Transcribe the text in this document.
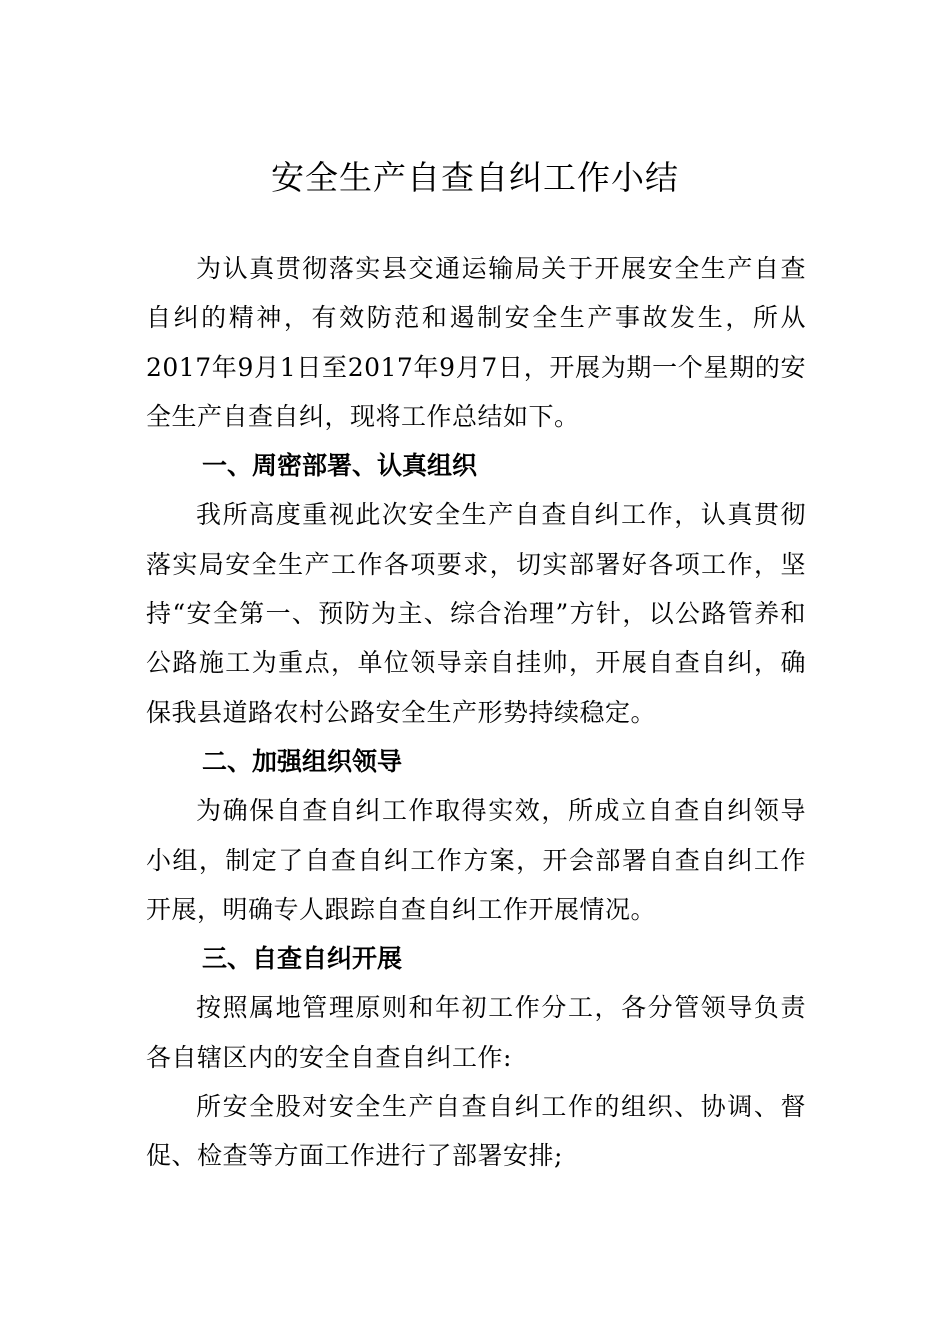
安全生产自查自纠工作小结

为认真贯彻落实县交通运输局关于开展安全生产自查自纠的精神，有效防范和遏制安全生产事故发生，所从2017年9月1日至2017年9月7日，开展为期一个星期的安全生产自查自纠，现将工作总结如下。

一、周密部署、认真组织

我所高度重视此次安全生产自查自纠工作，认真贯彻落实局安全生产工作各项要求，切实部署好各项工作，坚持“安全第一、预防为主、综合治理”方针，以公路管养和公路施工为重点，单位领导亲自挂帅，开展自查自纠，确保我县道路农村公路安全生产形势持续稳定。

二、加强组织领导

为确保自查自纠工作取得实效，所成立自查自纠领导小组，制定了自查自纠工作方案，开会部署自查自纠工作开展，明确专人跟踪自查自纠工作开展情况。

三、自查自纠开展

按照属地管理原则和年初工作分工，各分管领导负责各自辖区内的安全自查自纠工作:

所安全股对安全生产自查自纠工作的组织、协调、督促、检查等方面工作进行了部署安排;
